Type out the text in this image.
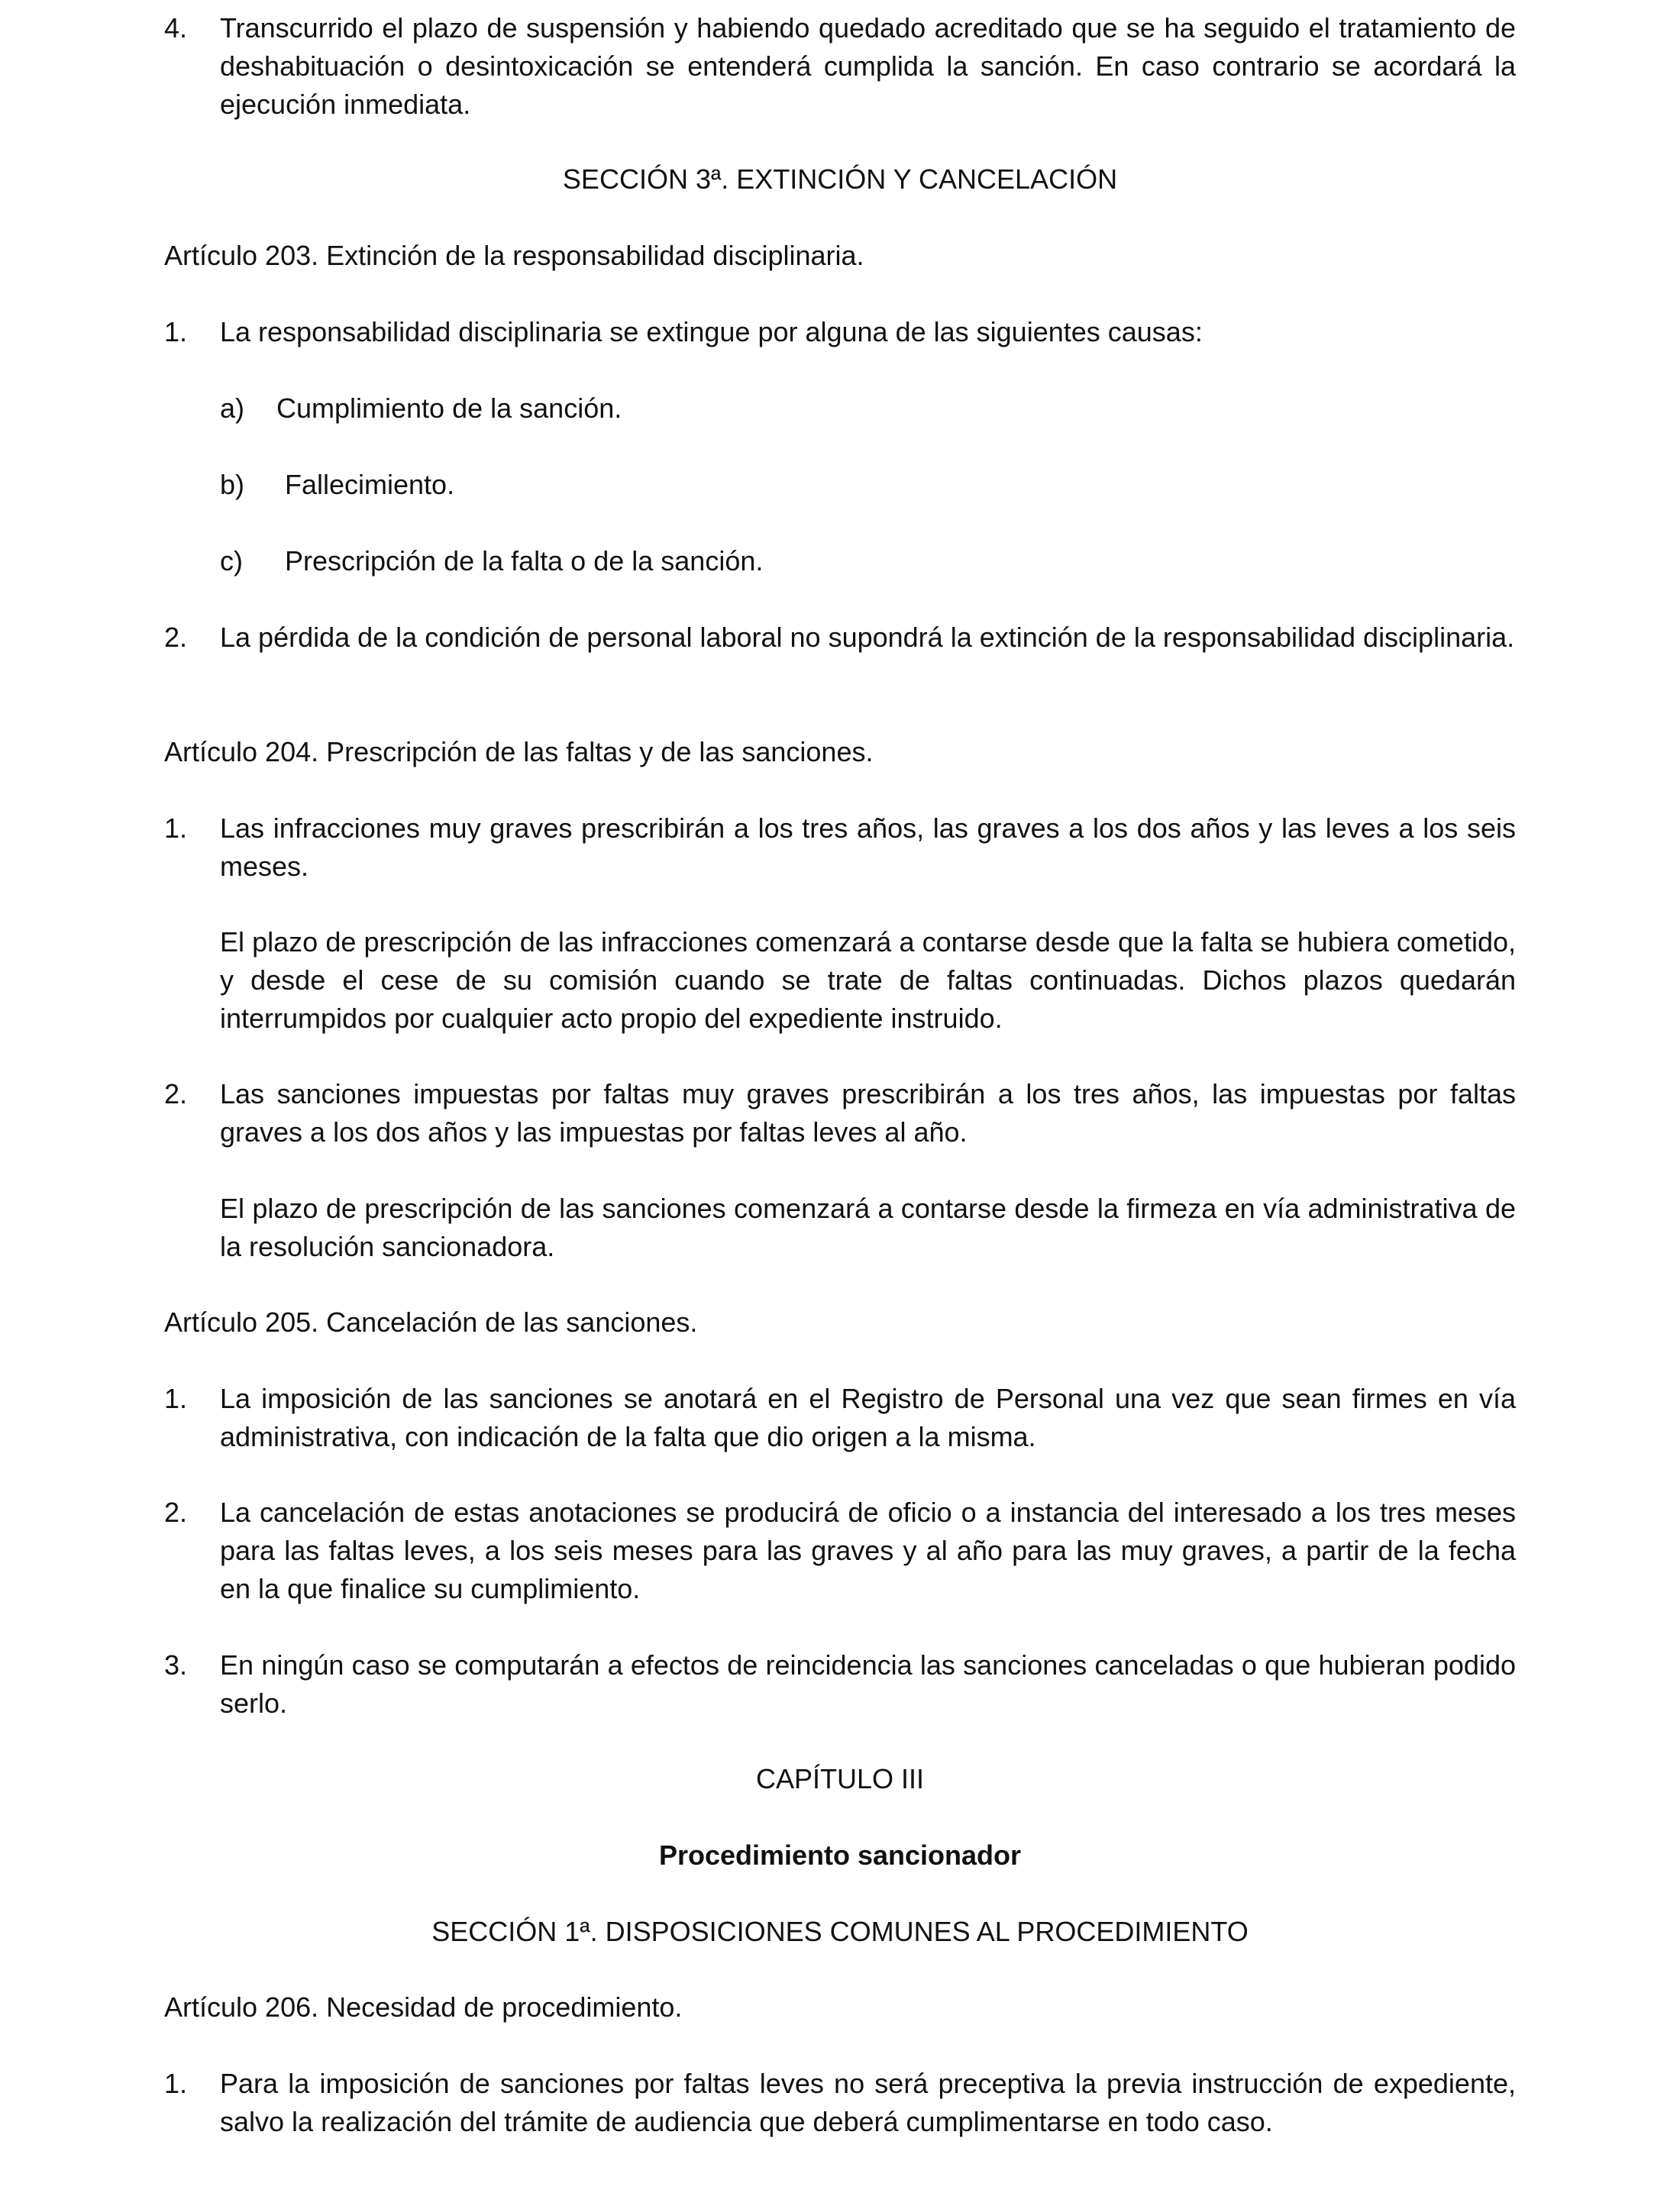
4. Transcurrido el plazo de suspensión y habiendo quedado acreditado que se ha seguido el tratamiento de deshabituación o desintoxicación se entenderá cumplida la sanción. En caso contrario se acordará la ejecución inmediata.
SECCIÓN 3ª. EXTINCIÓN Y CANCELACIÓN
Artículo 203. Extinción de la responsabilidad disciplinaria.
1. La responsabilidad disciplinaria se extingue por alguna de las siguientes causas:
a) Cumplimiento de la sanción.
b) Fallecimiento.
c) Prescripción de la falta o de la sanción.
2. La pérdida de la condición de personal laboral no supondrá la extinción de la responsabilidad disciplinaria.
Artículo 204. Prescripción de las faltas y de las sanciones.
1. Las infracciones muy graves prescribirán a los tres años, las graves a los dos años y las leves a los seis meses.
El plazo de prescripción de las infracciones comenzará a contarse desde que la falta se hubiera cometido, y desde el cese de su comisión cuando se trate de faltas continuadas. Dichos plazos quedarán interrumpidos por cualquier acto propio del expediente instruido.
2. Las sanciones impuestas por faltas muy graves prescribirán a los tres años, las impuestas por faltas graves a los dos años y las impuestas por faltas leves al año.
El plazo de prescripción de las sanciones comenzará a contarse desde la firmeza en vía administrativa de la resolución sancionadora.
Artículo 205. Cancelación de las sanciones.
1. La imposición de las sanciones se anotará en el Registro de Personal una vez que sean firmes en vía administrativa, con indicación de la falta que dio origen a la misma.
2. La cancelación de estas anotaciones se producirá de oficio o a instancia del interesado a los tres meses para las faltas leves, a los seis meses para las graves y al año para las muy graves, a partir de la fecha en la que finalice su cumplimiento.
3. En ningún caso se computarán a efectos de reincidencia las sanciones canceladas o que hubieran podido serlo.
CAPÍTULO III
Procedimiento sancionador
SECCIÓN 1ª. DISPOSICIONES COMUNES AL PROCEDIMIENTO
Artículo 206. Necesidad de procedimiento.
1. Para la imposición de sanciones por faltas leves no será preceptiva la previa instrucción de expediente, salvo la realización del trámite de audiencia que deberá cumplimentarse en todo caso.
